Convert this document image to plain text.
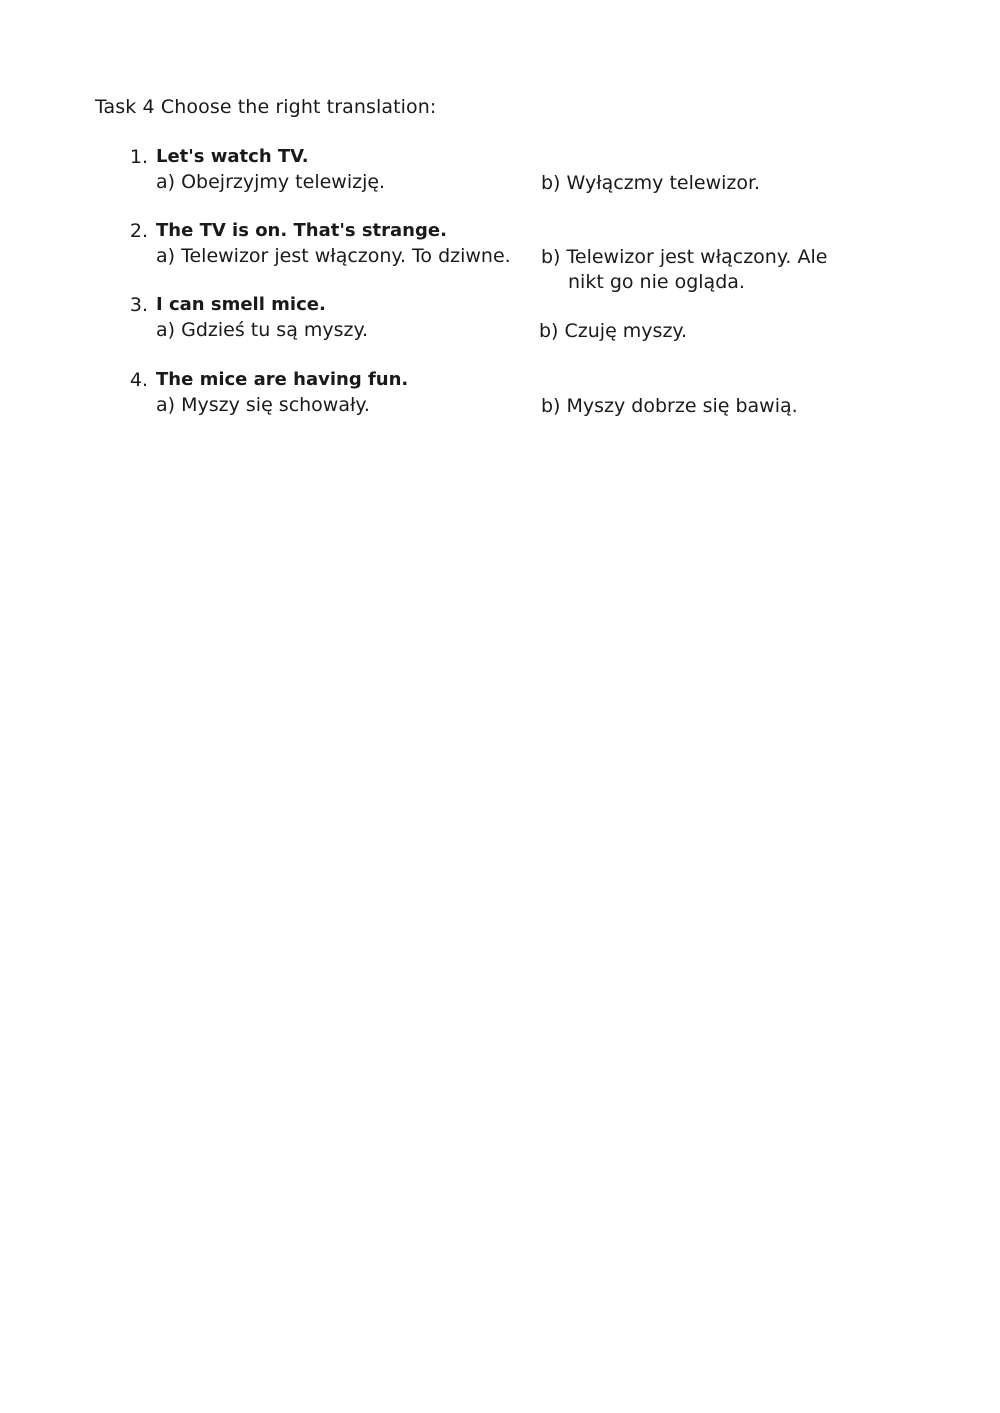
Task 4 Choose the right translation:
1. Let's watch TV.
a) Obejrzyjmy telewizję.	b) Wyłączmy telewizor.
2. The TV is on. That's strange.
a) Telewizor jest włączony. To dziwne. b) Telewizor jest włączony. Ale
nikt go nie ogląda.
3. I can smell mice.
a) Gdzieś tu są myszy.	b) Czuję myszy.
4. The mice are having fun.
a) Myszy się schowały.	b) Myszy dobrze się bawią.
